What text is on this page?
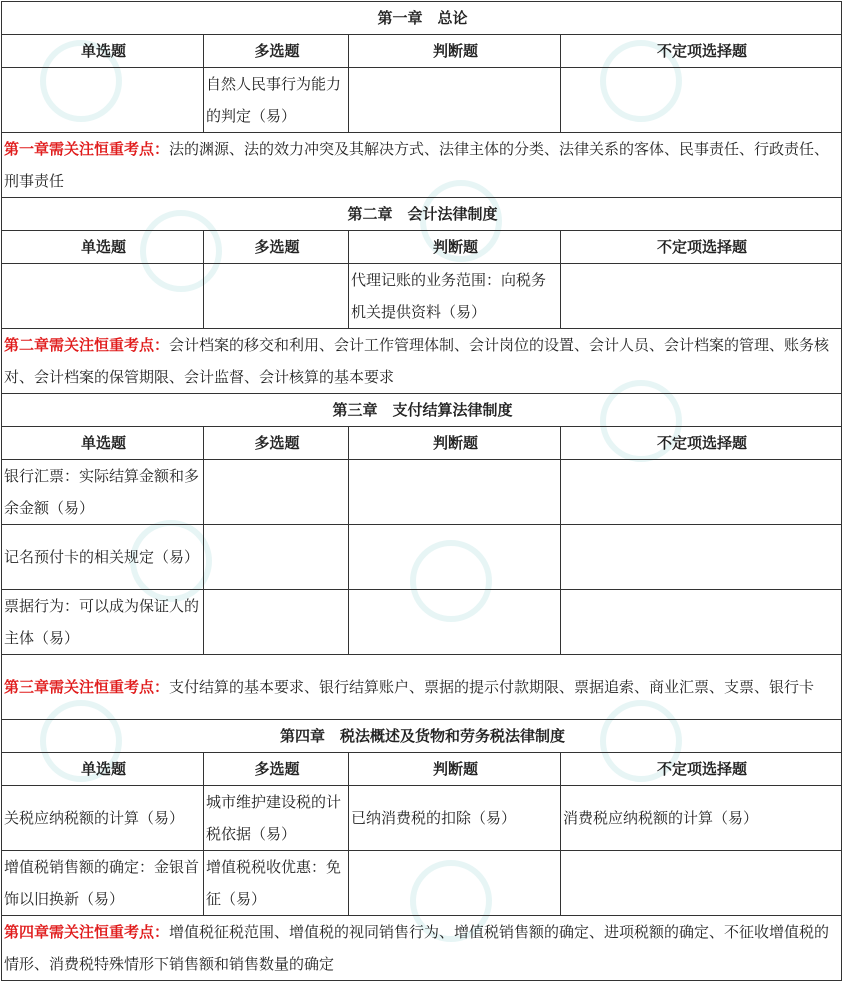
第一章　总论			
单选题	多选题	判断题	不定项选择题
	自然人民事行为能力的判定（易）		
第一章需关注恒重考点：法的渊源、法的效力冲突及其解决方式、法律主体的分类、法律关系的客体、民事责任、行政责任、刑事责任			
第二章　会计法律制度			
单选题	多选题	判断题	不定项选择题
		代理记账的业务范围：向税务机关提供资料（易）	
第二章需关注恒重考点：会计档案的移交和利用、会计工作管理体制、会计岗位的设置、会计人员、会计档案的管理、账务核对、会计档案的保管期限、会计监督、会计核算的基本要求			
第三章　支付结算法律制度			
单选题	多选题	判断题	不定项选择题
银行汇票：实际结算金额和多余金额（易）			
记名预付卡的相关规定（易）			
票据行为：可以成为保证人的主体（易）			
第三章需关注恒重考点：支付结算的基本要求、银行结算账户、票据的提示付款期限、票据追索、商业汇票、支票、银行卡			
第四章　税法概述及货物和劳务税法律制度			
单选题	多选题	判断题	不定项选择题
关税应纳税额的计算（易）	城市维护建设税的计税依据（易）	已纳消费税的扣除（易）	消费税应纳税额的计算（易）
增值税销售额的确定：金银首饰以旧换新（易）	增值税税收优惠：免征（易）		
第四章需关注恒重考点：增值税征税范围、增值税的视同销售行为、增值税销售额的确定、进项税额的确定、不征收增值税的情形、消费税特殊情形下销售额和销售数量的确定			
